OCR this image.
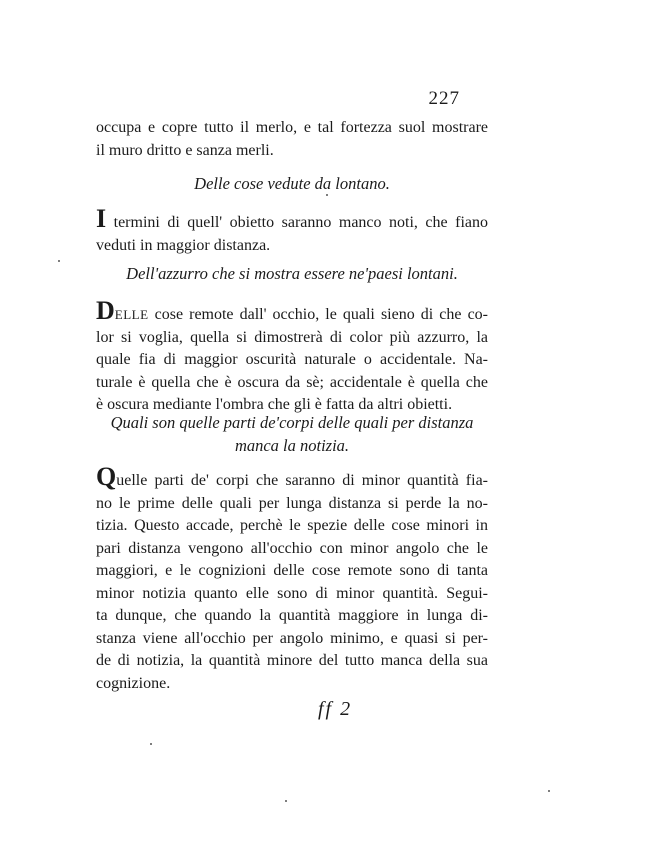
227
occupa e copre tutto il merlo, e tal fortezza suol mostrare
il muro dritto e sanza merli.
Delle cose vedute da lontano.
I termini di quell' obietto saranno manco noti, che fiano
veduti in maggior distanza.
Dell'azzurro che si mostra essere ne'paesi lontani.
DELLE cose remote dall' occhio, le quali sieno di che co-
lor si voglia, quella si dimostrerà di color più azzurro, la
quale fia di maggior oscurità naturale o accidentale. Na-
turale è quella che è oscura da sè; accidentale è quella che
è oscura mediante l'ombra che gli è fatta da altri obietti.
Quali son quelle parti de'corpi delle quali per distanza
manca la notizia.
Quelle parti de' corpi che saranno di minor quantità fia-
no le prime delle quali per lunga distanza si perde la no-
tizia. Questo accade, perchè le spezie delle cose minori in
pari distanza vengono all'occhio con minor angolo che le
maggiori, e le cognizioni delle cose remote sono di tanta
minor notizia quanto elle sono di minor quantità. Segui-
ta dunque, che quando la quantità maggiore in lunga di-
stanza viene all'occhio per angolo minimo, e quasi si per-
de di notizia, la quantità minore del tutto manca della sua
cognizione.
ff 2
